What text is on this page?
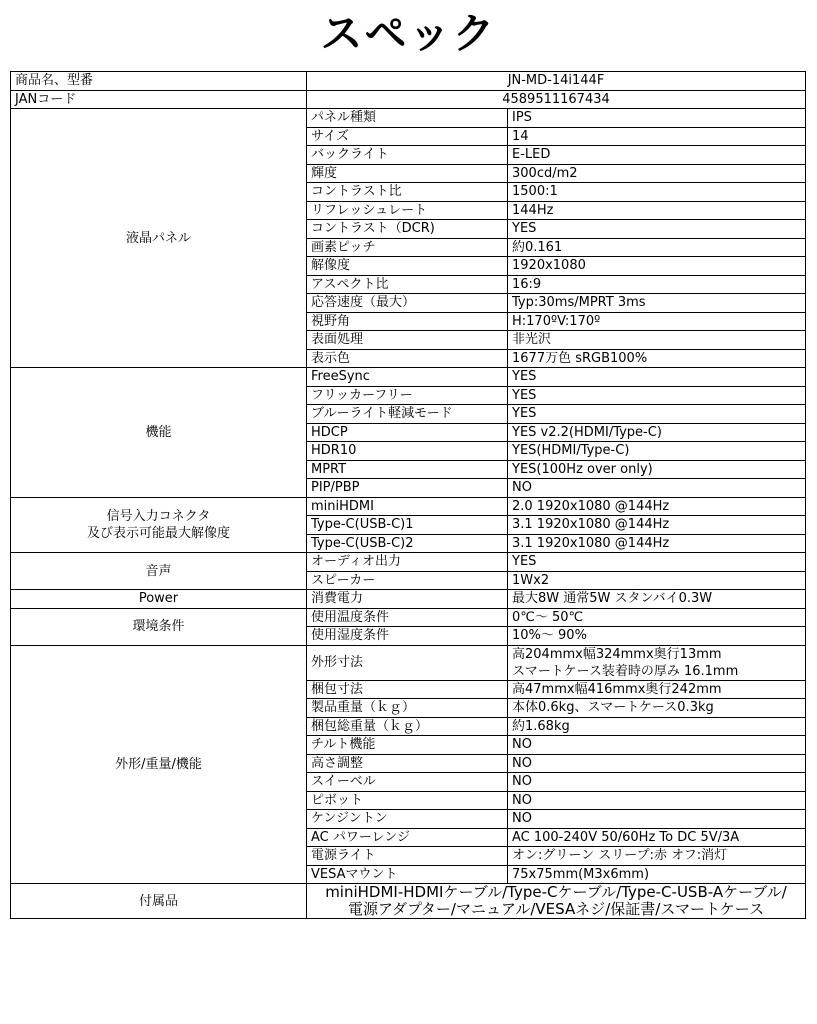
スペック
商品名、型番	JN-MD-14i144F	
JANコード	4589511167434	

液晶パネル	パネル種類	IPS
	サイズ	14
	バックライト	E-LED
	輝度	300cd/m2
	コントラスト比	1500:1
	リフレッシュレート	144Hz
	コントラスト（DCR)	YES
	画素ピッチ	約0.161
	解像度	1920x1080
	アスペクト比	16:9
	応答速度（最大）	Typ:30ms/MPRT 3ms
	視野角	H:170ºV:170º
	表面処理	非光沢
	表示色	1677万色 sRGB100%

機能	FreeSync	YES
	フリッカーフリー	YES
	ブルーライト軽減モード	YES
	HDCP	YES v2.2(HDMI/Type-C)
	HDR10	YES(HDMI/Type-C)
	MPRT	YES(100Hz over only)
	PIP/PBP	NO

信号入力コネクタ
及び表示可能最大解像度	miniHDMI	2.0 1920x1080 @144Hz
	Type-C(USB-C)1	3.1 1920x1080 @144Hz
	Type-C(USB-C)2	3.1 1920x1080 @144Hz

音声	オーディオ出力	YES
	スピーカー	1Wx2

Power	消費電力	最大8W 通常5W スタンバイ0.3W

環境条件	使用温度条件	0℃～ 50℃
	使用湿度条件	10%～ 90%

外形/重量/機能	外形寸法	高204mmx幅324mmx奥行13mm
スマートケース装着時の厚み 16.1mm

	梱包寸法	高47mmx幅416mmx奥行242mm
	製品重量（ｋｇ）	本体0.6kg、スマートケース0.3kg
	梱包総重量（ｋｇ）	約1.68kg
	チルト機能	NO
	高さ調整	NO
	スイーベル	NO
	ピボット	NO
	ケンジントン	NO
	AC パワーレンジ	AC 100-240V 50/60Hz To DC 5V/3A
	電源ライト	オン:グリーン スリープ:赤 オフ:消灯
	VESAマウント	75x75mm(M3x6mm)
付属品	miniHDMI-HDMIケーブル/Type-Cケーブル/Type-C-USB-Aケーブル/
電源アダプター/マニュアル/VESAネジ/保証書/スマートケース	
